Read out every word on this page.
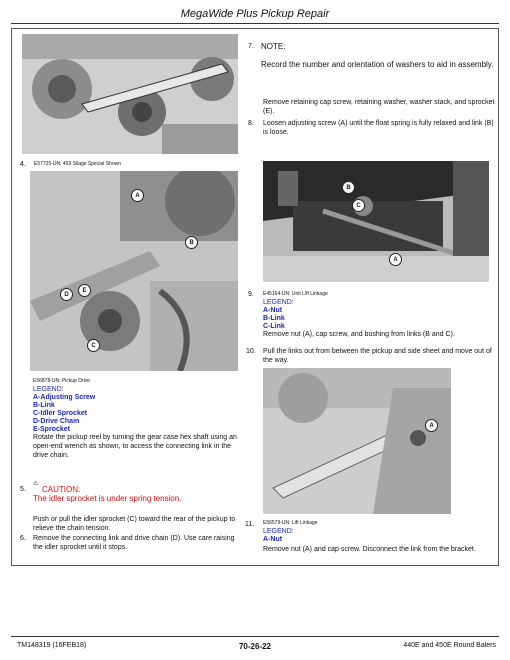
MegaWide Plus Pickup Repair
4. E57725-UN: 459 Silage Special Shown
A
B
D
E
C
E56878-UN: Pickup Drive
LEGEND:
A-Adjusting Screw
B-Link
C-Idler Sprocket
D-Drive Chain
E-Sprocket
Rotate the pickup reel by turning the gear case hex shaft using an open-end wrench as shown, to access the connecting link in the drive chain.
5.
⚠
CAUTION:
The idler sprocket is under spring tension.
Push or pull the idler sprocket (C) toward the rear of the pickup to relieve the chain tension.
6. Remove the connecting link and drive chain (D). Use care raising the idler sprocket until it stops.
7. NOTE:
Record the number and orientation of washers to aid in assembly.
Remove retaining cap screw, retaining washer, washer stack, and sprocket (E).
8. Loosen adjusting screw (A) until the float spring is fully relaxed and link (B) is loose.
B
C
A
9. E45164-UN: Unit Lift Linkage
LEGEND:
A-Nut
B-Link
C-Link
Remove nut (A), cap screw, and bushing from links (B and C).
10. Pull the links out from between the pickup and side sheet and move out of the way.
A
11. E56579-UN: Lift Linkage
LEGEND:
A-Nut
Remove nut (A) and cap screw. Disconnect the link from the bracket.
TM148319 (16FEB18)	70-26-22	440E and 450E Round Balers
